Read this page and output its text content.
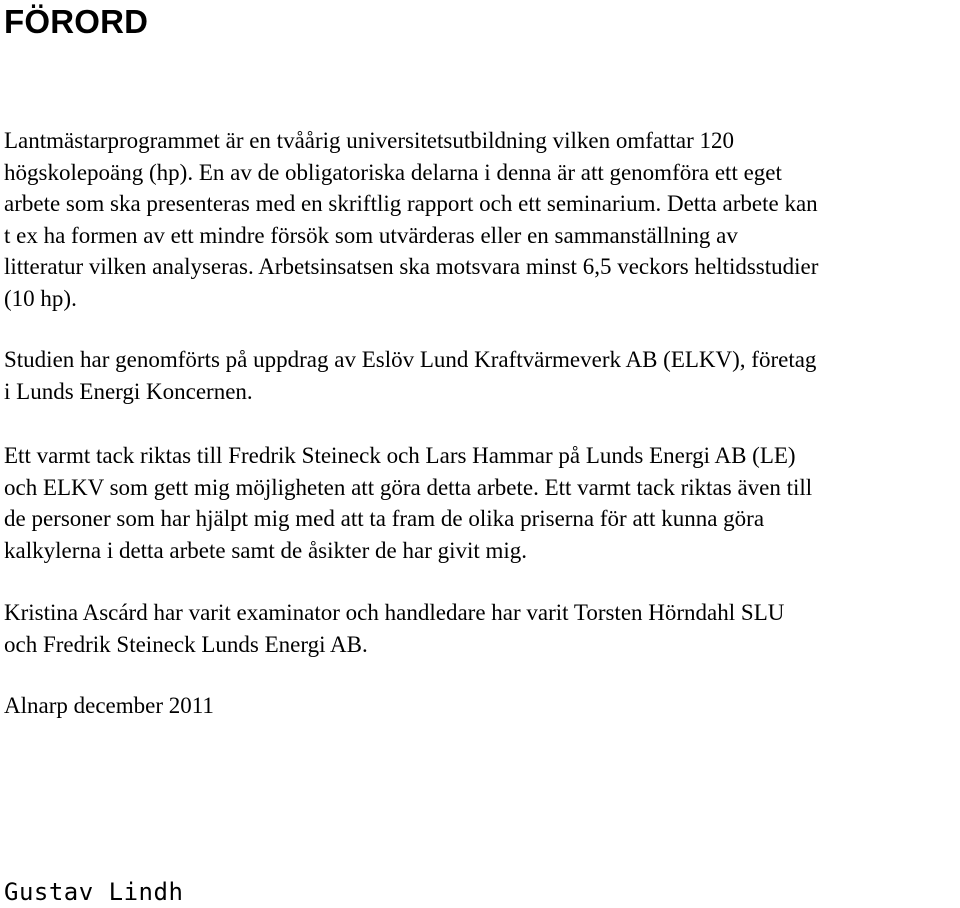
FÖRORD

Lantmästarprogrammet är en tvåårig universitetsutbildning vilken omfattar 120
högskolepoäng (hp). En av de obligatoriska delarna i denna är att genomföra ett eget
arbete som ska presenteras med en skriftlig rapport och ett seminarium. Detta arbete kan
t ex ha formen av ett mindre försök som utvärderas eller en sammanställning av
litteratur vilken analyseras. Arbetsinsatsen ska motsvara minst 6,5 veckors heltidsstudier
(10 hp).

Studien har genomförts på uppdrag av Eslöv Lund Kraftvärmeverk AB (ELKV), företag
i Lunds Energi Koncernen.

Ett varmt tack riktas till Fredrik Steineck och Lars Hammar på Lunds Energi AB (LE)
och ELKV som gett mig möjligheten att göra detta arbete. Ett varmt tack riktas även till
de personer som har hjälpt mig med att ta fram de olika priserna för att kunna göra
kalkylerna i detta arbete samt de åsikter de har givit mig.

Kristina Ascárd har varit examinator och handledare har varit Torsten Hörndahl SLU
och Fredrik Steineck Lunds Energi AB.

Alnarp december 2011

Gustav Lindh
